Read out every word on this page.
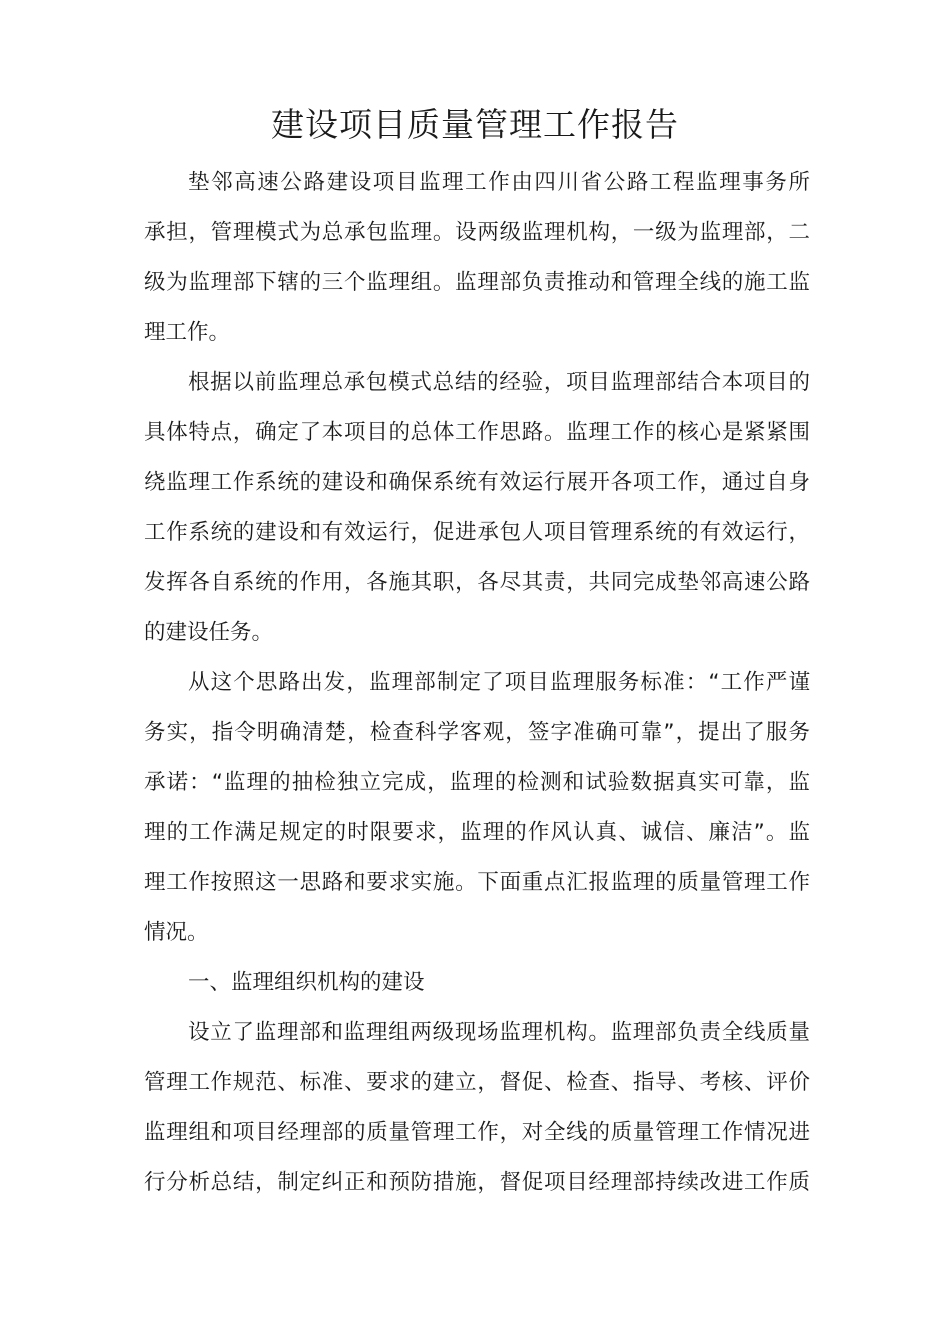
建设项目质量管理工作报告
垫邻高速公路建设项目监理工作由四川省公路工程监理事务所
承担，管理模式为总承包监理。设两级监理机构，一级为监理部，二
级为监理部下辖的三个监理组。监理部负责推动和管理全线的施工监
理工作。
根据以前监理总承包模式总结的经验，项目监理部结合本项目的
具体特点，确定了本项目的总体工作思路。监理工作的核心是紧紧围
绕监理工作系统的建设和确保系统有效运行展开各项工作，通过自身
工作系统的建设和有效运行，促进承包人项目管理系统的有效运行，
发挥各自系统的作用，各施其职，各尽其责，共同完成垫邻高速公路
的建设任务。
从这个思路出发，监理部制定了项目监理服务标准：“工作严谨
务实，指令明确清楚，检查科学客观，签字准确可靠”，提出了服务
承诺：“监理的抽检独立完成，监理的检测和试验数据真实可靠，监
理的工作满足规定的时限要求，监理的作风认真、诚信、廉洁”。监
理工作按照这一思路和要求实施。下面重点汇报监理的质量管理工作
情况。
一、监理组织机构的建设
设立了监理部和监理组两级现场监理机构。监理部负责全线质量
管理工作规范、标准、要求的建立，督促、检查、指导、考核、评价
监理组和项目经理部的质量管理工作，对全线的质量管理工作情况进
行分析总结，制定纠正和预防措施，督促项目经理部持续改进工作质
